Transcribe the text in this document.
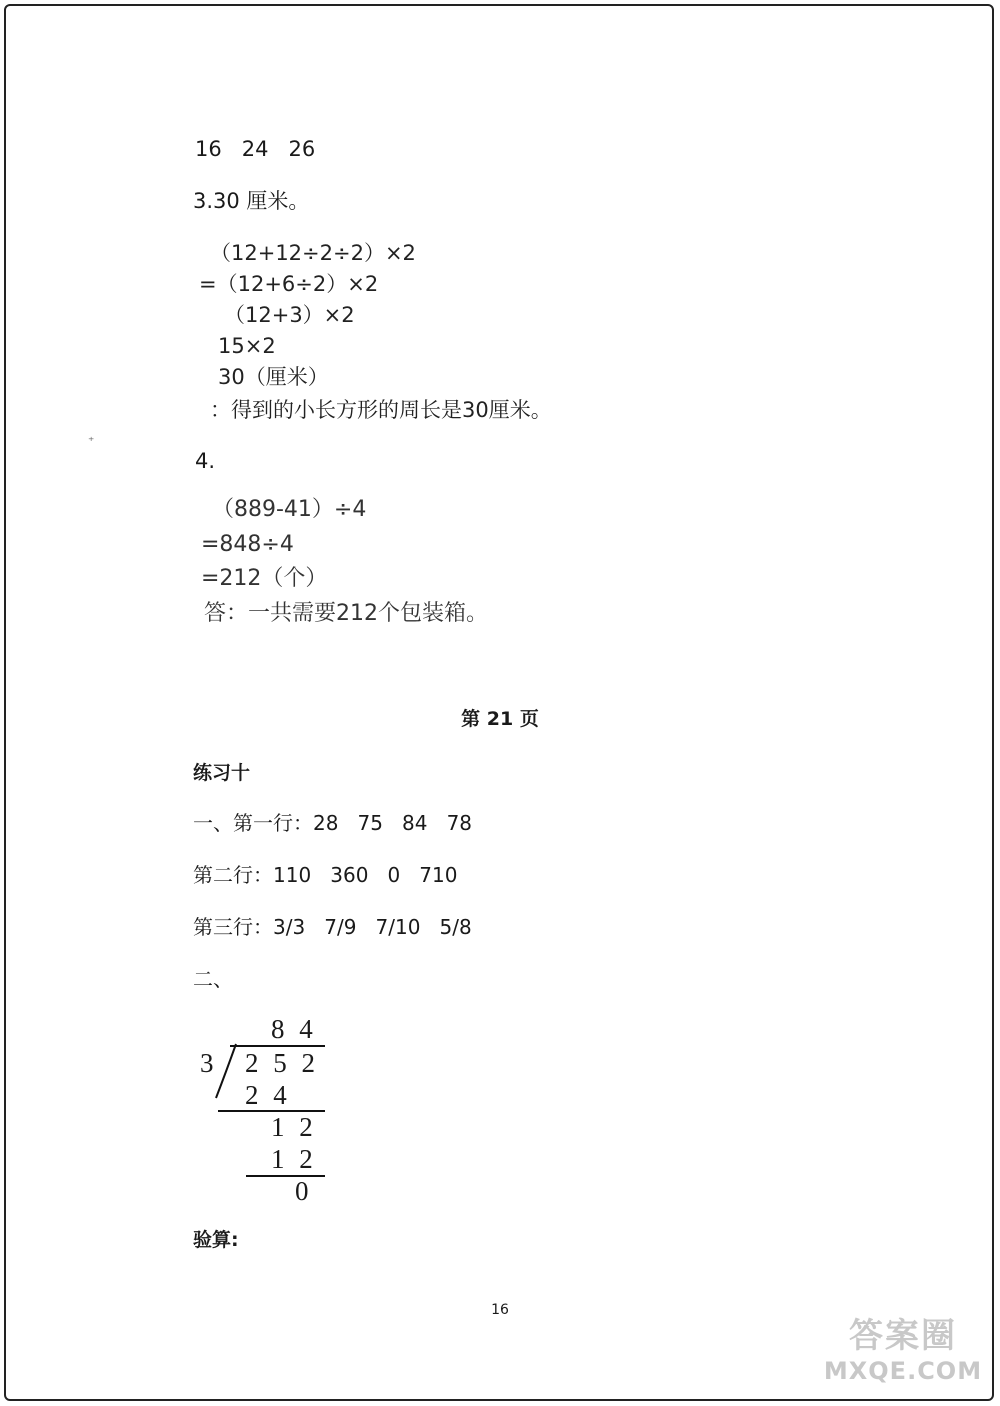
16   24   26
3.30 厘米。
（12+12÷2÷2）×2
=（12+6÷2）×2
（12+3）×2
15×2
30（厘米）
：得到的小长方形的周长是30厘米。
⁺
4.
（889-41）÷4
=848÷4
=212（个）
答：一共需要212个包装箱。
第 21 页
练习十
一、第一行：28   75   84   78
第二行：110   360   0   710
第三行：3/3   7/9   7/10   5/8
二、
8 4
3 2 5 2
2 4
1 2
1 2
0
验算:
16
答案圈
MXQE.COM
